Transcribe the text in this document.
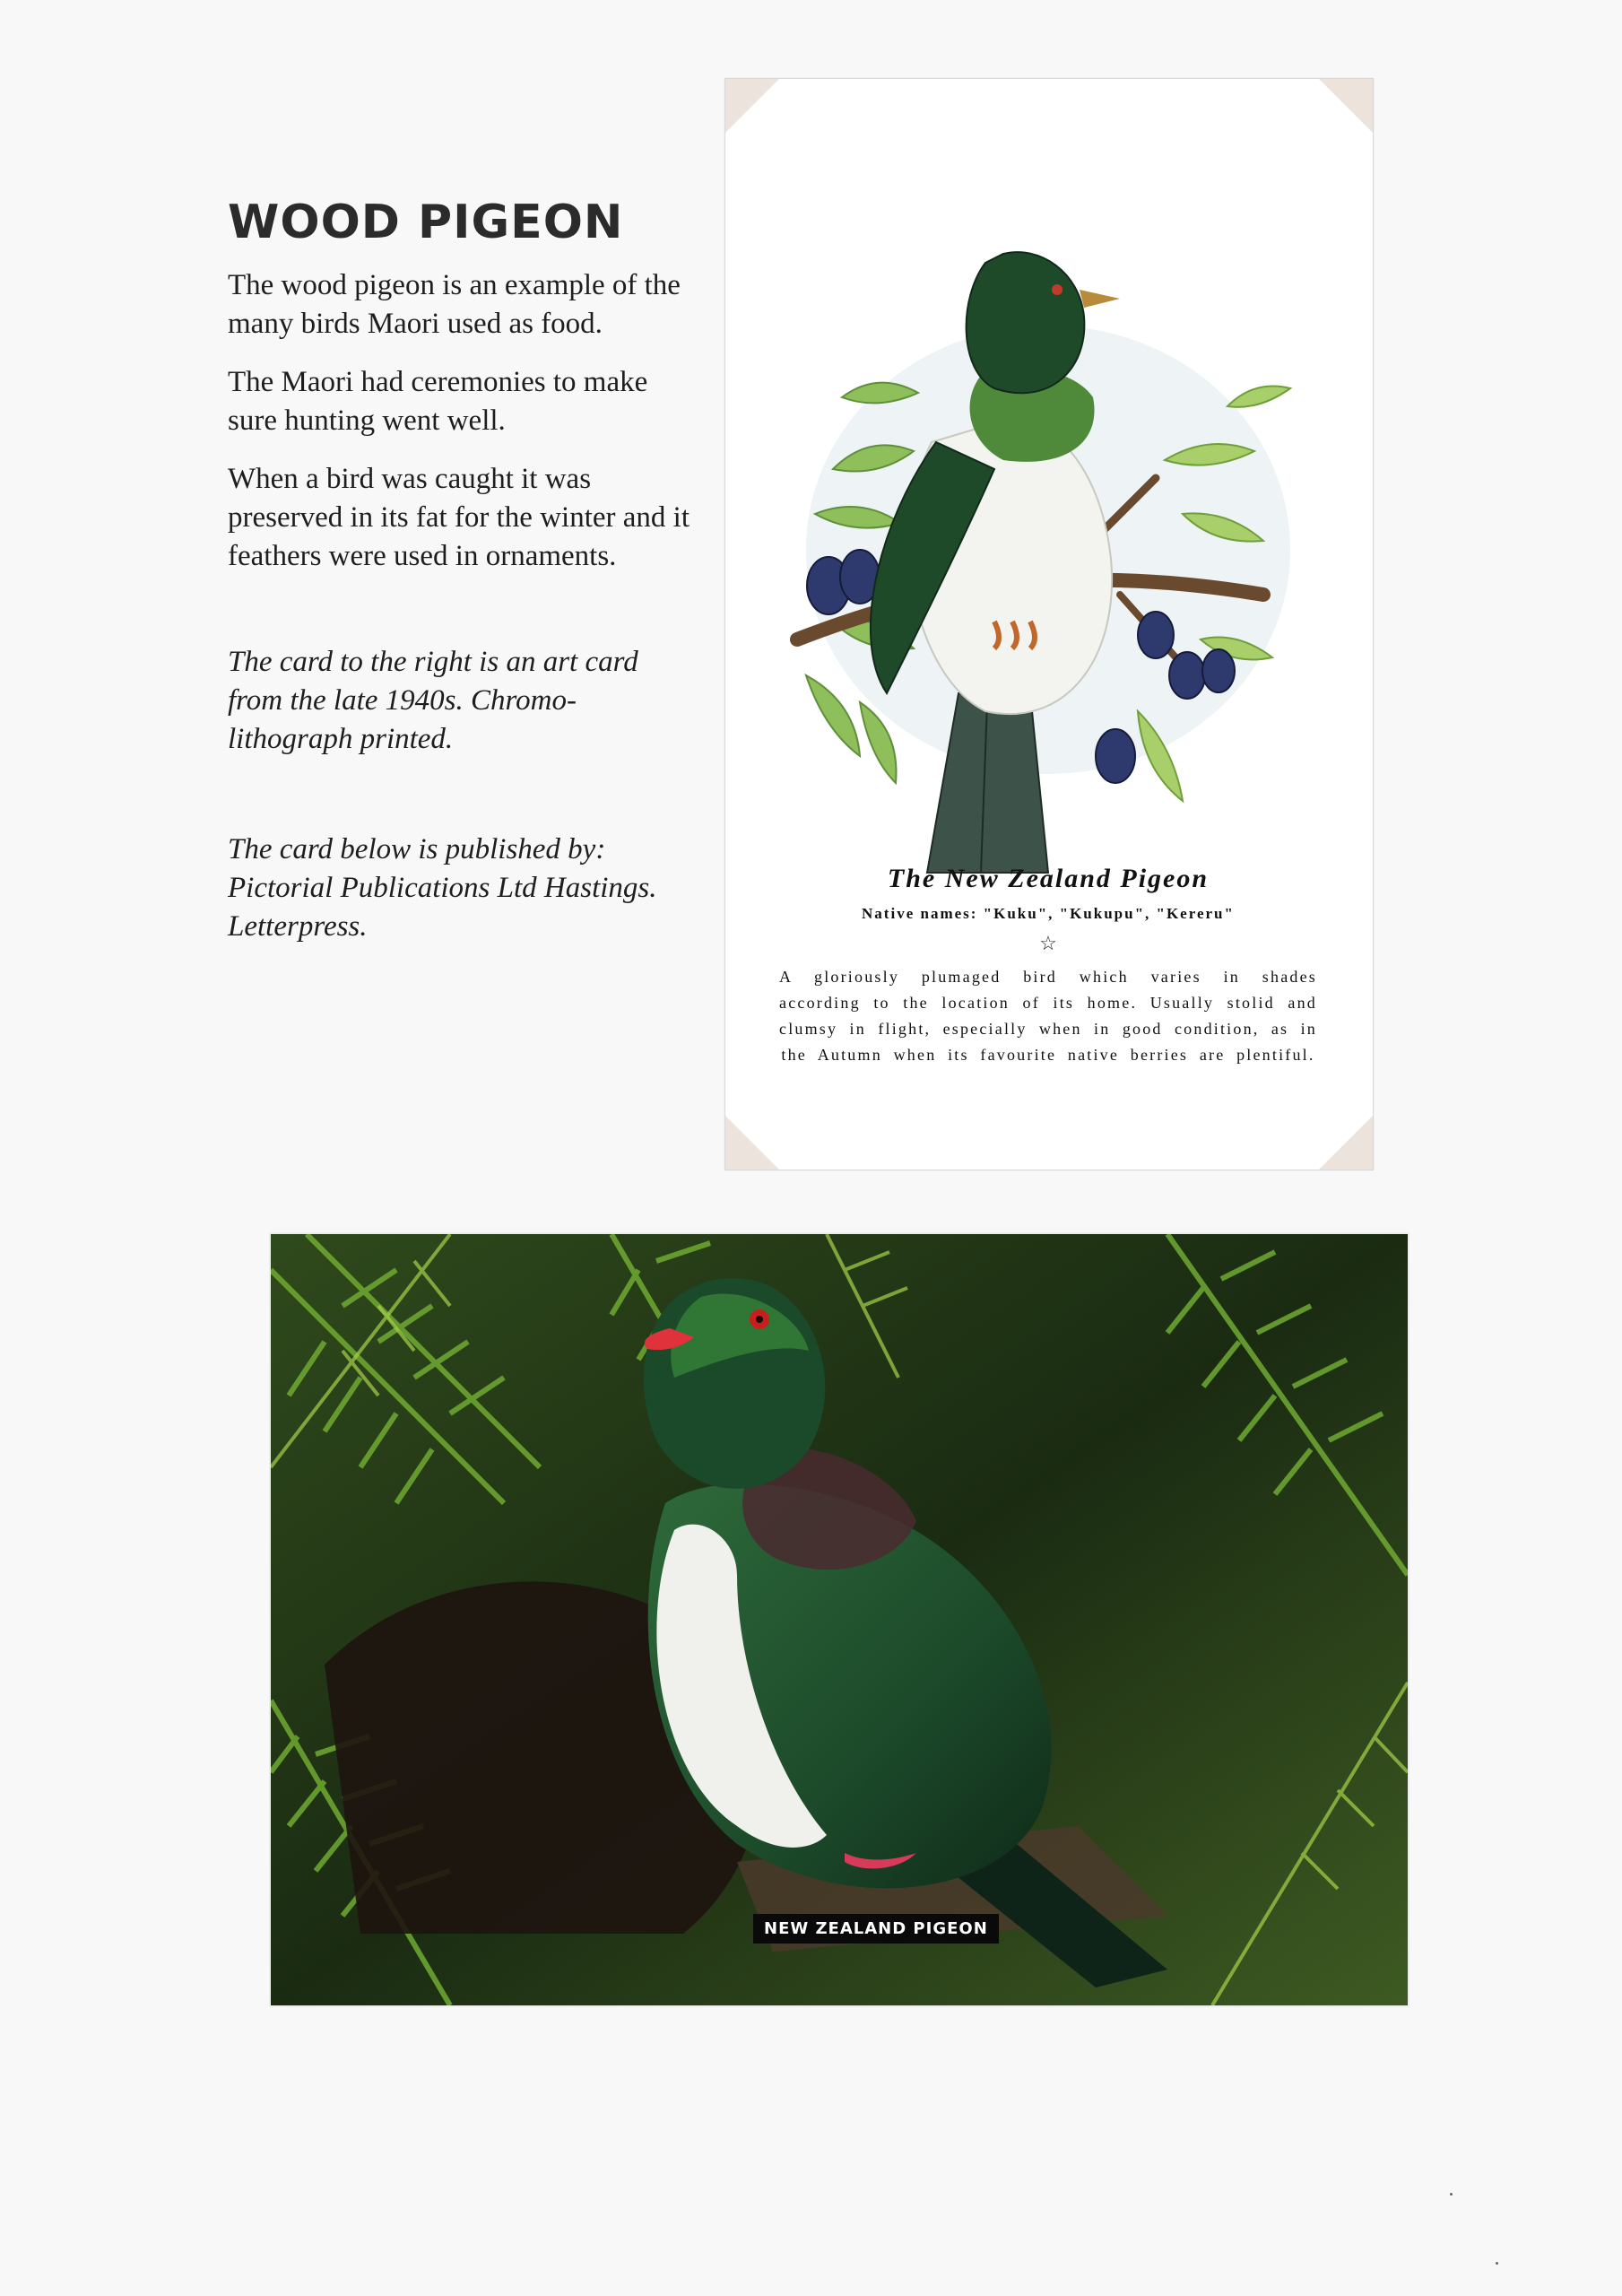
WOOD PIGEON

The wood pigeon is an example of the many birds Maori used as food.

The Maori had ceremonies to make sure hunting went well.

When a bird was caught it was preserved in its fat for the winter and it feathers were used in ornaments.

The card to the right is an art card from the late 1940s. Chromo-lithograph printed.

The card below is published by: Pictorial Publications Ltd Hastings. Letterpress.

The New Zealand Pigeon

Native names: "Kuku", "Kukupu", "Kereru"

☆

A gloriously plumaged bird which varies in shades according to the location of its home. Usually stolid and clumsy in flight, especially when in good condition, as in the Autumn when its favourite native berries are plentiful.

NEW ZEALAND PIGEON
